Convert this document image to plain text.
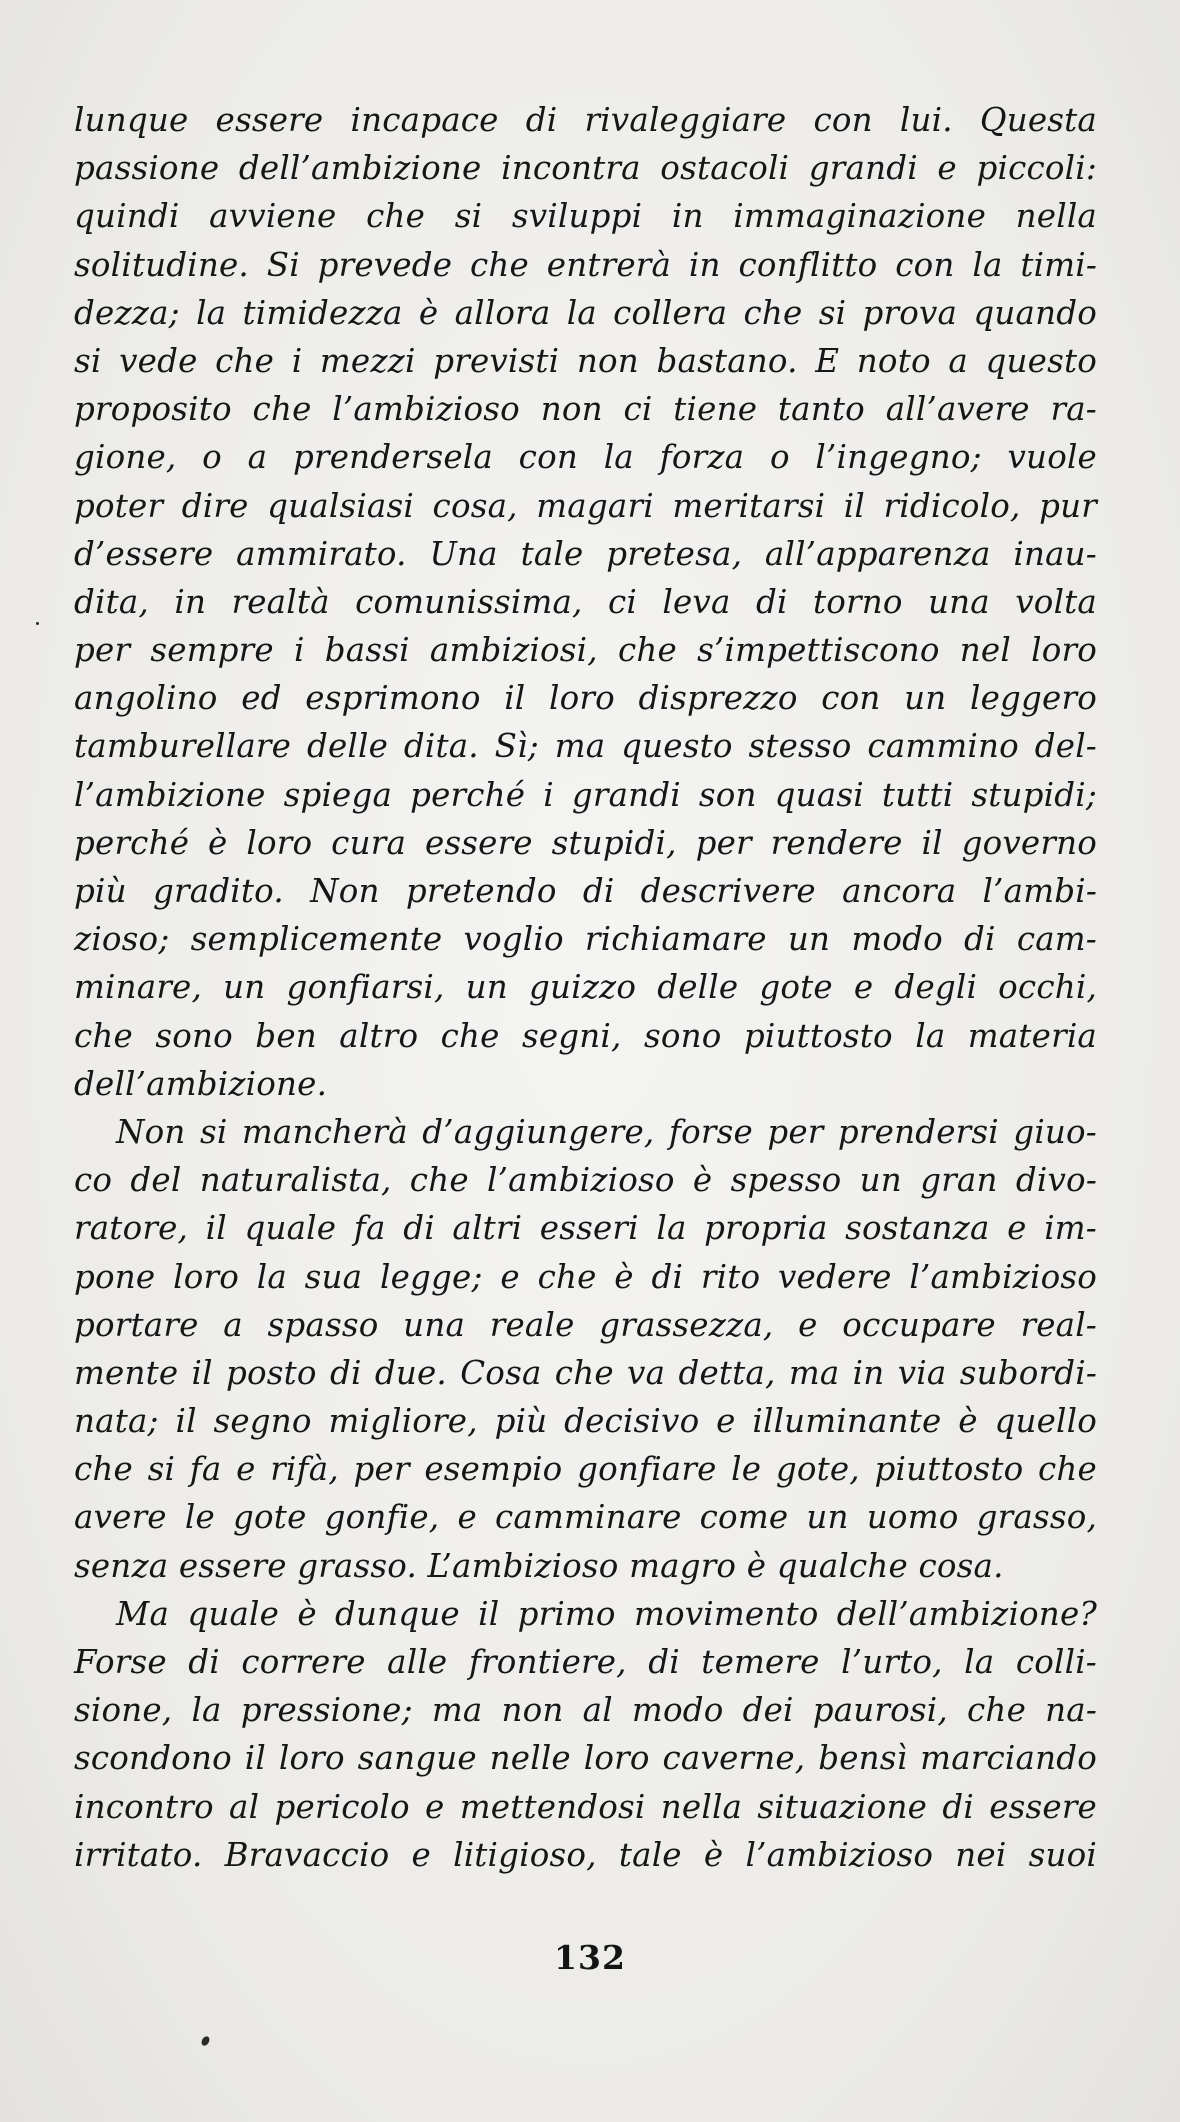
lunque essere incapace di rivaleggiare con lui. Questa
passione dell’ambizione incontra ostacoli grandi e piccoli:
quindi avviene che si sviluppi in immaginazione nella
solitudine. Si prevede che entrerà in conflitto con la timi-
dezza; la timidezza è allora la collera che si prova quando
si vede che i mezzi previsti non bastano. E noto a questo
proposito che l’ambizioso non ci tiene tanto all’avere ra-
gione, o a prendersela con la forza o l’ingegno; vuole
poter dire qualsiasi cosa, magari meritarsi il ridicolo, pur
d’essere ammirato. Una tale pretesa, all’apparenza inau-
dita, in realtà comunissima, ci leva di torno una volta
per sempre i bassi ambiziosi, che s’impettiscono nel loro
angolino ed esprimono il loro disprezzo con un leggero
tamburellare delle dita. Sì; ma questo stesso cammino del-
l’ambizione spiega perché i grandi son quasi tutti stupidi;
perché è loro cura essere stupidi, per rendere il governo
più gradito. Non pretendo di descrivere ancora l’ambi-
zioso; semplicemente voglio richiamare un modo di cam-
minare, un gonfiarsi, un guizzo delle gote e degli occhi,
che sono ben altro che segni, sono piuttosto la materia
dell’ambizione.
Non si mancherà d’aggiungere, forse per prendersi giuo-
co del naturalista, che l’ambizioso è spesso un gran divo-
ratore, il quale fa di altri esseri la propria sostanza e im-
pone loro la sua legge; e che è di rito vedere l’ambizioso
portare a spasso una reale grassezza, e occupare real-
mente il posto di due. Cosa che va detta, ma in via subordi-
nata; il segno migliore, più decisivo e illuminante è quello
che si fa e rifà, per esempio gonfiare le gote, piuttosto che
avere le gote gonfie, e camminare come un uomo grasso,
senza essere grasso. L’ambizioso magro è qualche cosa.
Ma quale è dunque il primo movimento dell’ambizione?
Forse di correre alle frontiere, di temere l’urto, la colli-
sione, la pressione; ma non al modo dei paurosi, che na-
scondono il loro sangue nelle loro caverne, bensì marciando
incontro al pericolo e mettendosi nella situazione di essere
irritato. Bravaccio e litigioso, tale è l’ambizioso nei suoi
132
